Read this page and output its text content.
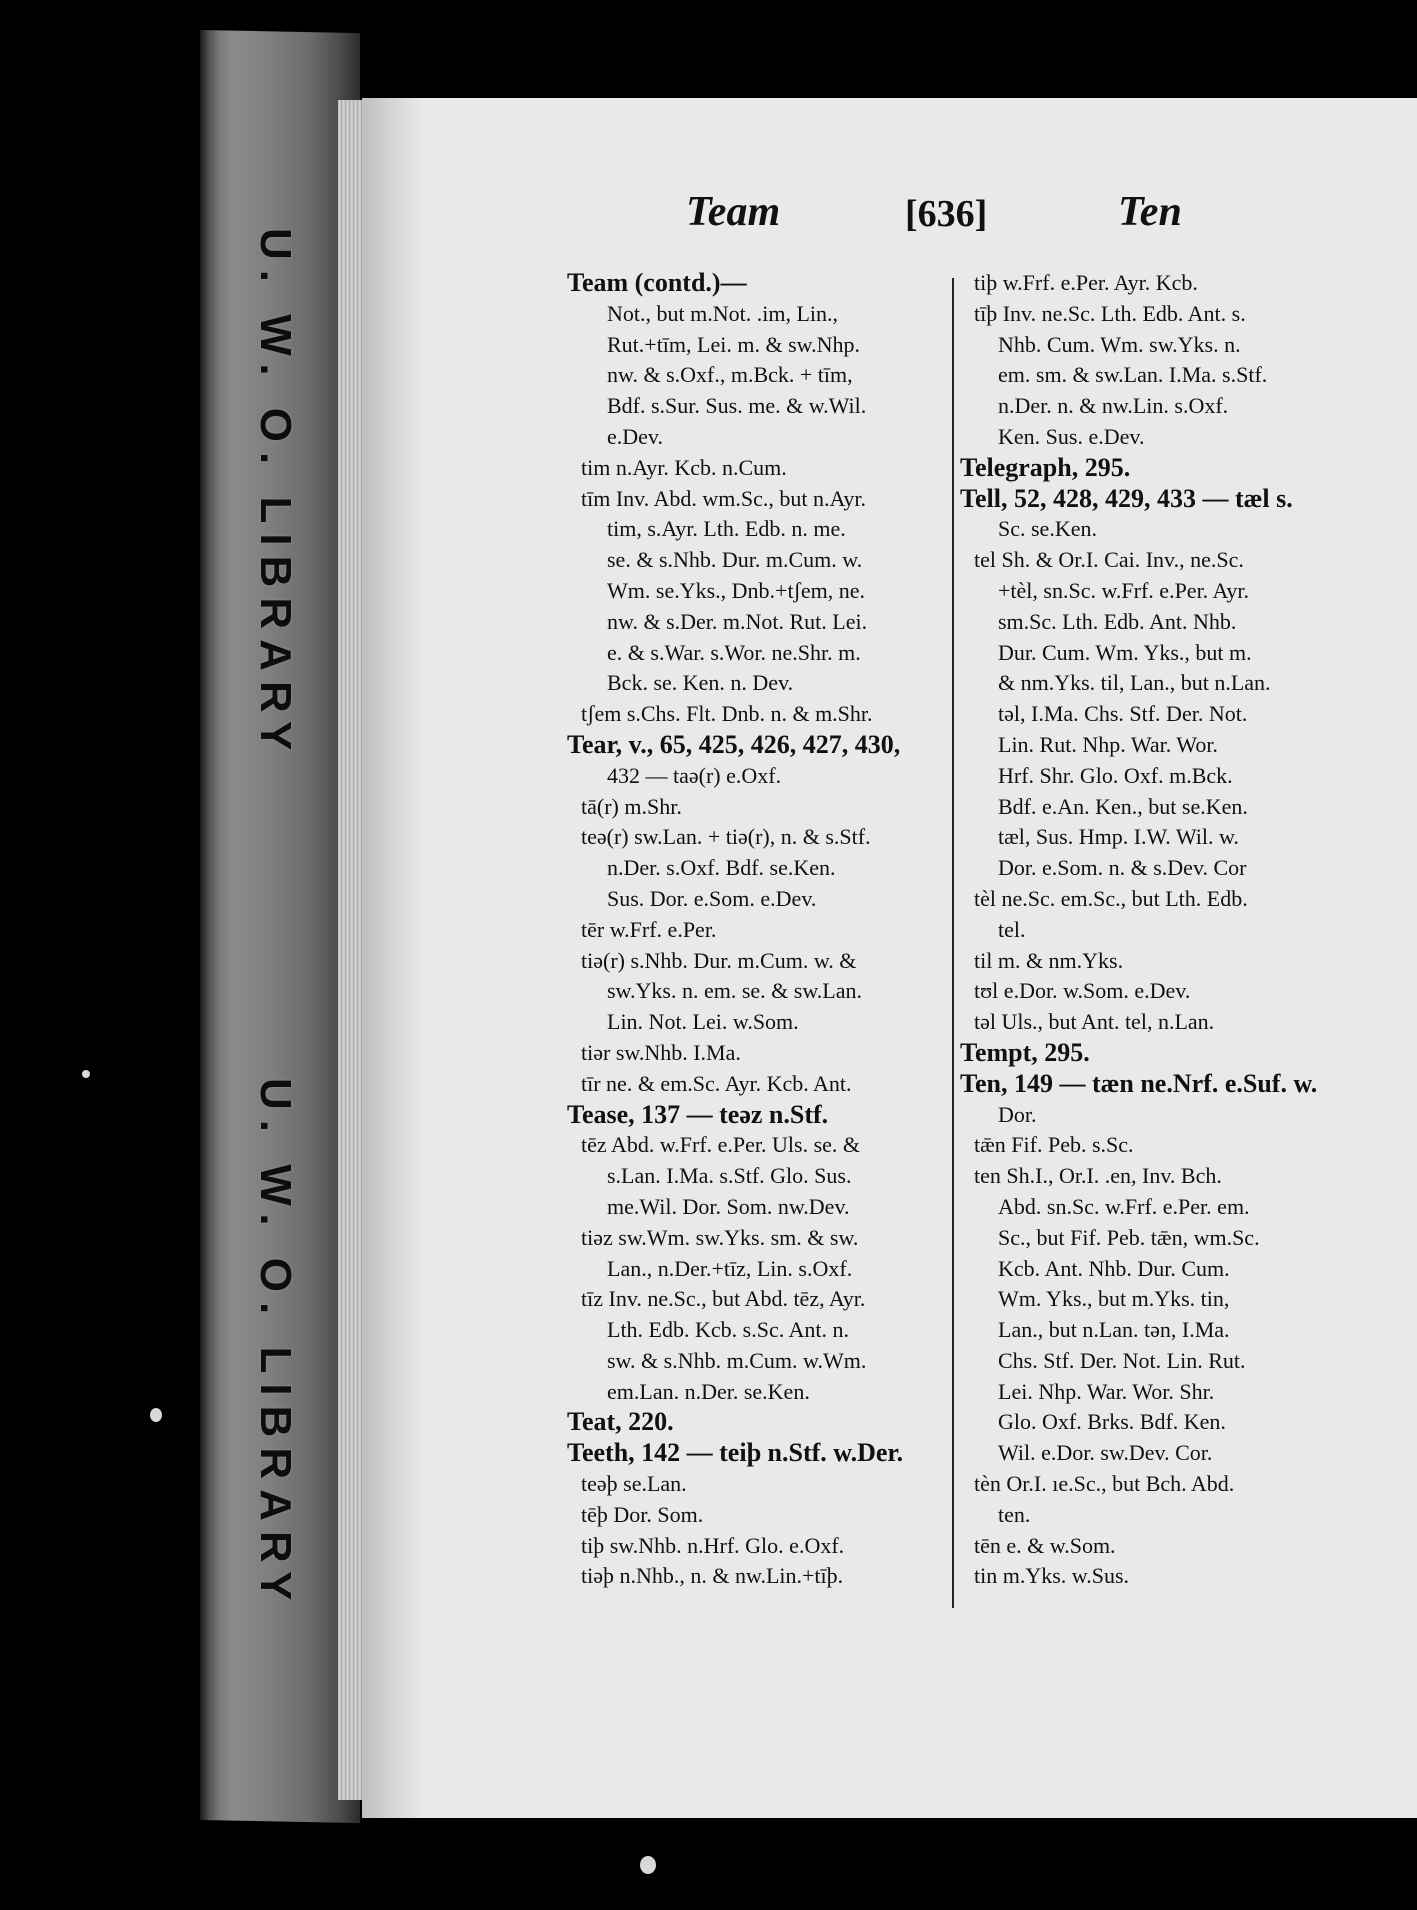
U. W. O. LIBRARY
U. W. O. LIBRARY
Team	[636]	Ten
Team (contd.)—
Not., but m.Not. .im, Lin.,
Rut.+tīm, Lei. m. & sw.Nhp.
nw. & s.Oxf., m.Bck. + tīm,
Bdf. s.Sur. Sus. me. & w.Wil.
e.Dev.
tim n.Ayr. Kcb. n.Cum.
tīm Inv. Abd. wm.Sc., but n.Ayr.
tim, s.Ayr. Lth. Edb. n. me.
se. & s.Nhb. Dur. m.Cum. w.
Wm. se.Yks., Dnb.+tʃem, ne.
nw. & s.Der. m.Not. Rut. Lei.
e. & s.War. s.Wor. ne.Shr. m.
Bck. se. Ken. n. Dev.
tʃem s.Chs. Flt. Dnb. n. & m.Shr.
Tear, v., 65, 425, 426, 427, 430,
432 — taə(r) e.Oxf.
tā(r) m.Shr.
teə(r) sw.Lan. + tiə(r), n. & s.Stf.
n.Der. s.Oxf. Bdf. se.Ken.
Sus. Dor. e.Som. e.Dev.
tēr w.Frf. e.Per.
tiə(r) s.Nhb. Dur. m.Cum. w. &
sw.Yks. n. em. se. & sw.Lan.
Lin. Not. Lei. w.Som.
tiər sw.Nhb. I.Ma.
tīr ne. & em.Sc. Ayr. Kcb. Ant.
Tease, 137 — teəz n.Stf.
tēz Abd. w.Frf. e.Per. Uls. se. &
s.Lan. I.Ma. s.Stf. Glo. Sus.
me.Wil. Dor. Som. nw.Dev.
tiəz sw.Wm. sw.Yks. sm. & sw.
Lan., n.Der.+tīz, Lin. s.Oxf.
tīz Inv. ne.Sc., but Abd. tēz, Ayr.
Lth. Edb. Kcb. s.Sc. Ant. n.
sw. & s.Nhb. m.Cum. w.Wm.
em.Lan. n.Der. se.Ken.
Teat, 220.
Teeth, 142 — teiþ n.Stf. w.Der.
teəþ se.Lan.
tēþ Dor. Som.
tiþ sw.Nhb. n.Hrf. Glo. e.Oxf.
tiəþ n.Nhb., n. & nw.Lin.+tīþ.
tiþ w.Frf. e.Per. Ayr. Kcb.
tīþ Inv. ne.Sc. Lth. Edb. Ant. s.
Nhb. Cum. Wm. sw.Yks. n.
em. sm. & sw.Lan. I.Ma. s.Stf.
n.Der. n. & nw.Lin. s.Oxf.
Ken. Sus. e.Dev.
Telegraph, 295.
Tell, 52, 428, 429, 433 — tæl s.
Sc. se.Ken.
tel Sh. & Or.I. Cai. Inv., ne.Sc.
+tèl, sn.Sc. w.Frf. e.Per. Ayr.
sm.Sc. Lth. Edb. Ant. Nhb.
Dur. Cum. Wm. Yks., but m.
& nm.Yks. til, Lan., but n.Lan.
təl, I.Ma. Chs. Stf. Der. Not.
Lin. Rut. Nhp. War. Wor.
Hrf. Shr. Glo. Oxf. m.Bck.
Bdf. e.An. Ken., but se.Ken.
tæl, Sus. Hmp. I.W. Wil. w.
Dor. e.Som. n. & s.Dev. Cor
tèl ne.Sc. em.Sc., but Lth. Edb.
tel.
til m. & nm.Yks.
tʊl e.Dor. w.Som. e.Dev.
təl Uls., but Ant. tel, n.Lan.
Tempt, 295.
Ten, 149 — tæn ne.Nrf. e.Suf. w.
Dor.
tǣn Fif. Peb. s.Sc.
ten Sh.I., Or.I. .en, Inv. Bch.
Abd. sn.Sc. w.Frf. e.Per. em.
Sc., but Fif. Peb. tǣn, wm.Sc.
Kcb. Ant. Nhb. Dur. Cum.
Wm. Yks., but m.Yks. tin,
Lan., but n.Lan. tən, I.Ma.
Chs. Stf. Der. Not. Lin. Rut.
Lei. Nhp. War. Wor. Shr.
Glo. Oxf. Brks. Bdf. Ken.
Wil. e.Dor. sw.Dev. Cor.
tèn Or.I. ıe.Sc., but Bch. Abd.
ten.
tēn e. & w.Som.
tin m.Yks. w.Sus.
